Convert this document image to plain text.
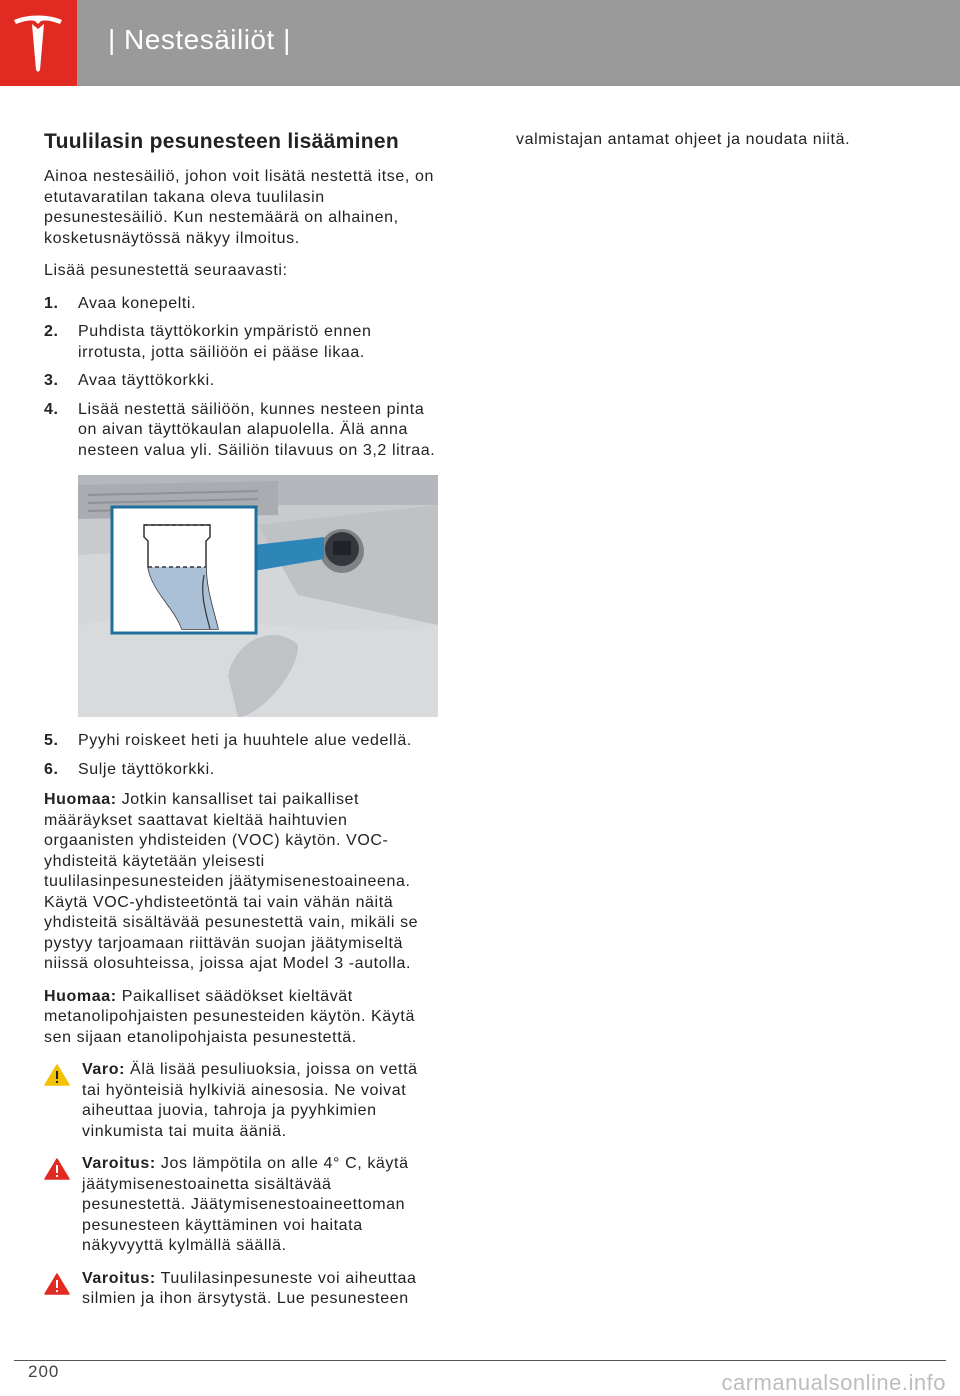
| Nestesäiliöt |
Tuulilasin pesunesteen lisääminen

Ainoa nestesäiliö, johon voit lisätä nestettä itse, on etutavaratilan takana oleva tuulilasin pesunestesäiliö. Kun nestemäärä on alhainen, kosketusnäytössä näkyy ilmoitus.

Lisää pesunestettä seuraavasti:

1. Avaa konepelti.
2. Puhdista täyttökorkin ympäristö ennen irrotusta, jotta säiliöön ei pääse likaa.
3. Avaa täyttökorkki.
4. Lisää nestettä säiliöön, kunnes nesteen pinta on aivan täyttökaulan alapuolella. Älä anna nesteen valua yli. Säiliön tilavuus on 3,2 litraa.
5. Pyyhi roiskeet heti ja huuhtele alue vedellä.
6. Sulje täyttökorkki.

Huomaa: Jotkin kansalliset tai paikalliset määräykset saattavat kieltää haihtuvien orgaanisten yhdisteiden (VOC) käytön. VOC-yhdisteitä käytetään yleisesti tuulilasinpesunesteiden jäätymisenestoaineena. Käytä VOC-yhdisteetöntä tai vain vähän näitä yhdisteitä sisältävää pesunestettä vain, mikäli se pystyy tarjoamaan riittävän suojan jäätymiseltä niissä olosuhteissa, joissa ajat Model 3 -autolla.

Huomaa: Paikalliset säädökset kieltävät metanolipohjaisten pesunesteiden käytön. Käytä sen sijaan etanolipohjaista pesunestettä.

Varo: Älä lisää pesuliuoksia, joissa on vettä tai hyönteisiä hylkiviä ainesosia. Ne voivat aiheuttaa juovia, tahroja ja pyyhkimien vinkumista tai muita ääniä.
Varoitus: Jos lämpötila on alle 4° C, käytä jäätymisenestoainetta sisältävää pesunestettä. Jäätymisenestoaineettoman pesunesteen käyttäminen voi haitata näkyvyyttä kylmällä säällä.
Varoitus: Tuulilasinpesuneste voi aiheuttaa silmien ja ihon ärsytystä. Lue pesunesteen

valmistajan antamat ohjeet ja noudata niitä.

200	carmanualsonline.info
